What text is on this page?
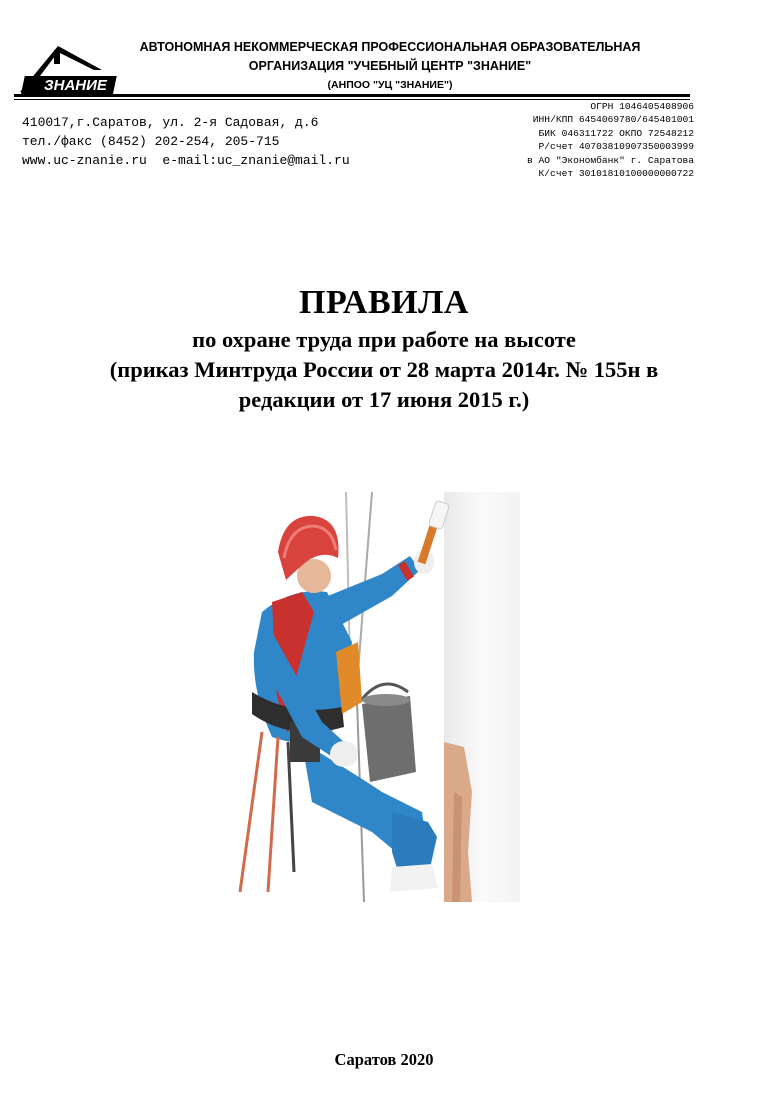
ЗНАНИЕ
АВТОНОМНАЯ НЕКОММЕРЧЕСКАЯ ПРОФЕССИОНАЛЬНАЯ ОБРАЗОВАТЕЛЬНАЯ
ОРГАНИЗАЦИЯ "УЧЕБНЫЙ ЦЕНТР "ЗНАНИЕ"
(АНПОО "УЦ "ЗНАНИЕ")
410017,г.Саратов, ул. 2-я Садовая, д.6
тел./факс (8452) 202-254, 205-715
www.uc-znanie.ru  e-mail:uc_znanie@mail.ru
ОГРН 1046405408906
ИНН/КПП 6454069780/645401001
БИК 046311722 ОКПО 72548212
Р/счет 40703810907350003999
в АО "Экономбанк" г. Саратова
К/счет 30101810100000000722
ПРАВИЛА
по охране труда при работе на высоте
(приказ Минтруда России от 28 марта 2014г. № 155н в
редакции от 17 июня 2015 г.)
Саратов 2020
